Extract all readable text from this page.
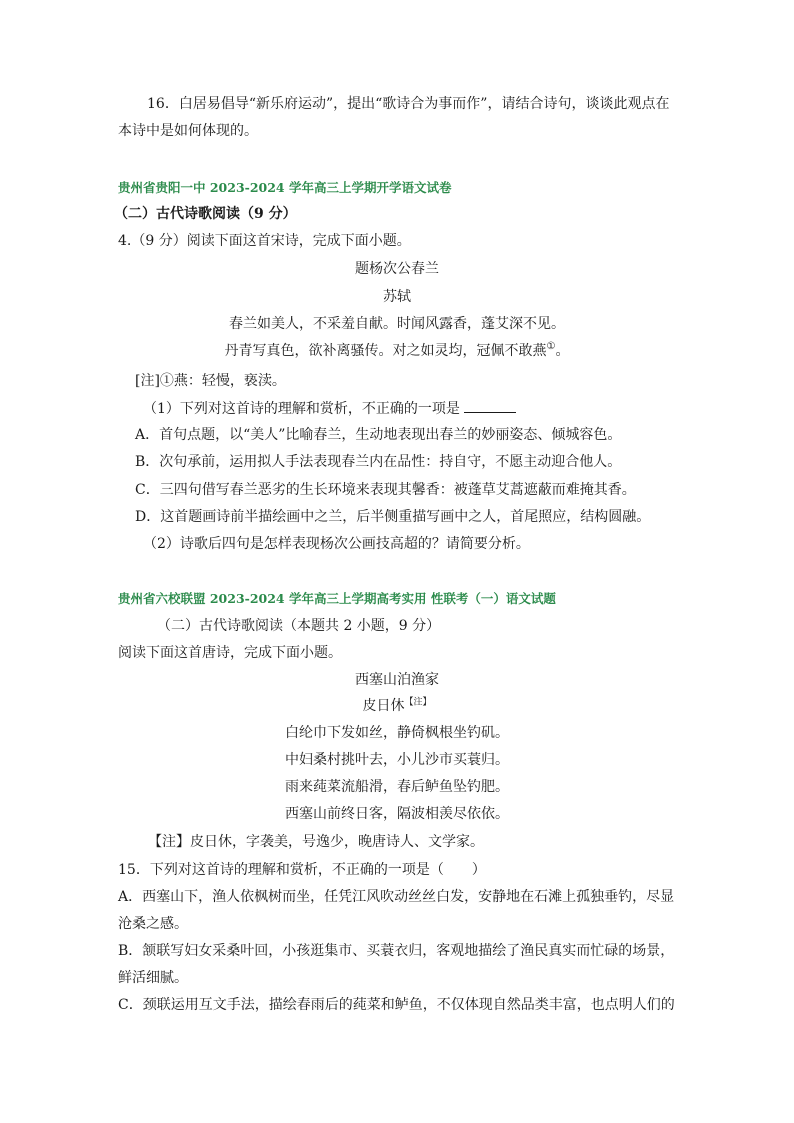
16．白居易倡导“新乐府运动”，提出“歌诗合为事而作”，请结合诗句，谈谈此观点在
本诗中是如何体现的。
贵州省贵阳一中 2023-2024 学年高三上学期开学语文试卷
（二）古代诗歌阅读（9 分）
4.（9 分）阅读下面这首宋诗，完成下面小题。
题杨次公春兰
苏轼
春兰如美人，不采羞自献。时闻风露香，蓬艾深不见。
丹青写真色，欲补离骚传。对之如灵均，冠佩不敢燕①。
[注]①燕：轻慢，亵渎。
（1）下列对这首诗的理解和赏析，不正确的一项是
A．首句点题，以“美人”比喻春兰，生动地表现出春兰的妙丽姿态、倾城容色。
B．次句承前，运用拟人手法表现春兰内在品性：持自守，不愿主动迎合他人。
C．三四句借写春兰恶劣的生长环境来表现其馨香：被蓬草艾蒿遮蔽而难掩其香。
D．这首题画诗前半描绘画中之兰，后半侧重描写画中之人，首尾照应，结构圆融。
（2）诗歌后四句是怎样表现杨次公画技高超的？请简要分析。
贵州省六校联盟 2023-2024 学年高三上学期高考实用 性联考（一）语文试题
（二）古代诗歌阅读（本题共 2 小题，9 分）
阅读下面这首唐诗，完成下面小题。
西塞山泊渔家
皮日休$^{【注】}$
白纶巾下发如丝，静倚枫根坐钓矶。
中妇桑村挑叶去，小儿沙市买蓑归。
雨来莼菜流船滑，春后鲈鱼坠钓肥。
西塞山前终日客，隔波相羡尽依依。
【注】皮日休，字袭美，号逸少，晚唐诗人、文学家。
15．下列对这首诗的理解和赏析，不正确的一项是（　　）
A．西塞山下，渔人依枫树而坐，任凭江风吹动丝丝白发，安静地在石滩上孤独垂钓，尽显
沧桑之感。
B．颔联写妇女采桑叶回，小孩逛集市、买蓑衣归，客观地描绘了渔民真实而忙碌的场景，
鲜活细腻。
C．颈联运用互文手法，描绘春雨后的莼菜和鲈鱼，不仅体现自然品类丰富，也点明人们的
